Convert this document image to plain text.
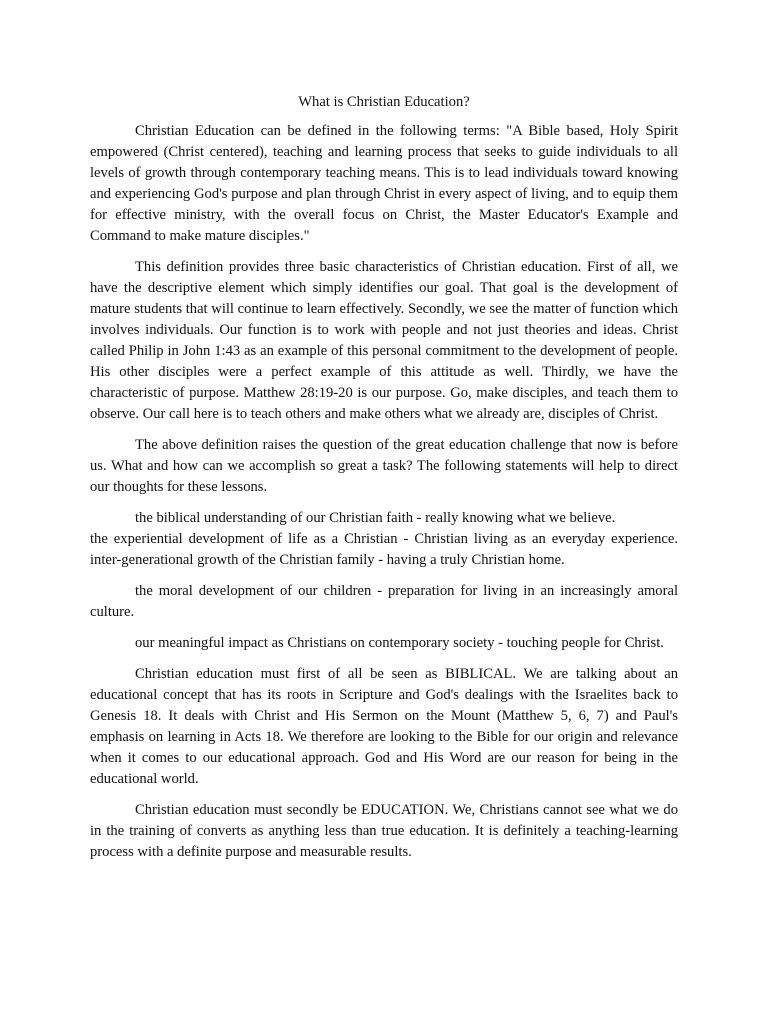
What is Christian Education?

Christian Education can be defined in the following terms: "A Bible based, Holy Spirit empowered (Christ centered), teaching and learning process that seeks to guide individuals to all levels of growth through contemporary teaching means. This is to lead individuals toward knowing and experiencing God's purpose and plan through Christ in every aspect of living, and to equip them for effective ministry, with the overall focus on Christ, the Master Educator's Example and Command to make mature disciples."

This definition provides three basic characteristics of Christian education. First of all, we have the descriptive element which simply identifies our goal. That goal is the development of mature students that will continue to learn effectively. Secondly, we see the matter of function which involves individuals. Our function is to work with people and not just theories and ideas. Christ called Philip in John 1:43 as an example of this personal commitment to the development of people. His other disciples were a perfect example of this attitude as well. Thirdly, we have the characteristic of purpose. Matthew 28:19-20 is our purpose. Go, make disciples, and teach them to observe. Our call here is to teach others and make others what we already are, disciples of Christ.

The above definition raises the question of the great education challenge that now is before us. What and how can we accomplish so great a task? The following statements will help to direct our thoughts for these lessons.

the biblical understanding of our Christian faith - really knowing what we believe.

the experiential development of life as a Christian - Christian living as an everyday experience. inter-generational growth of the Christian family - having a truly Christian home.

the moral development of our children - preparation for living in an increasingly amoral culture.

our meaningful impact as Christians on contemporary society - touching people for Christ.

Christian education must first of all be seen as BIBLICAL. We are talking about an educational concept that has its roots in Scripture and God's dealings with the Israelites back to Genesis 18. It deals with Christ and His Sermon on the Mount (Matthew 5, 6, 7) and Paul's emphasis on learning in Acts 18. We therefore are looking to the Bible for our origin and relevance when it comes to our educational approach. God and His Word are our reason for being in the educational world.

Christian education must secondly be EDUCATION. We, Christians cannot see what we do in the training of converts as anything less than true education. It is definitely a teaching-learning process with a definite purpose and measurable results.
